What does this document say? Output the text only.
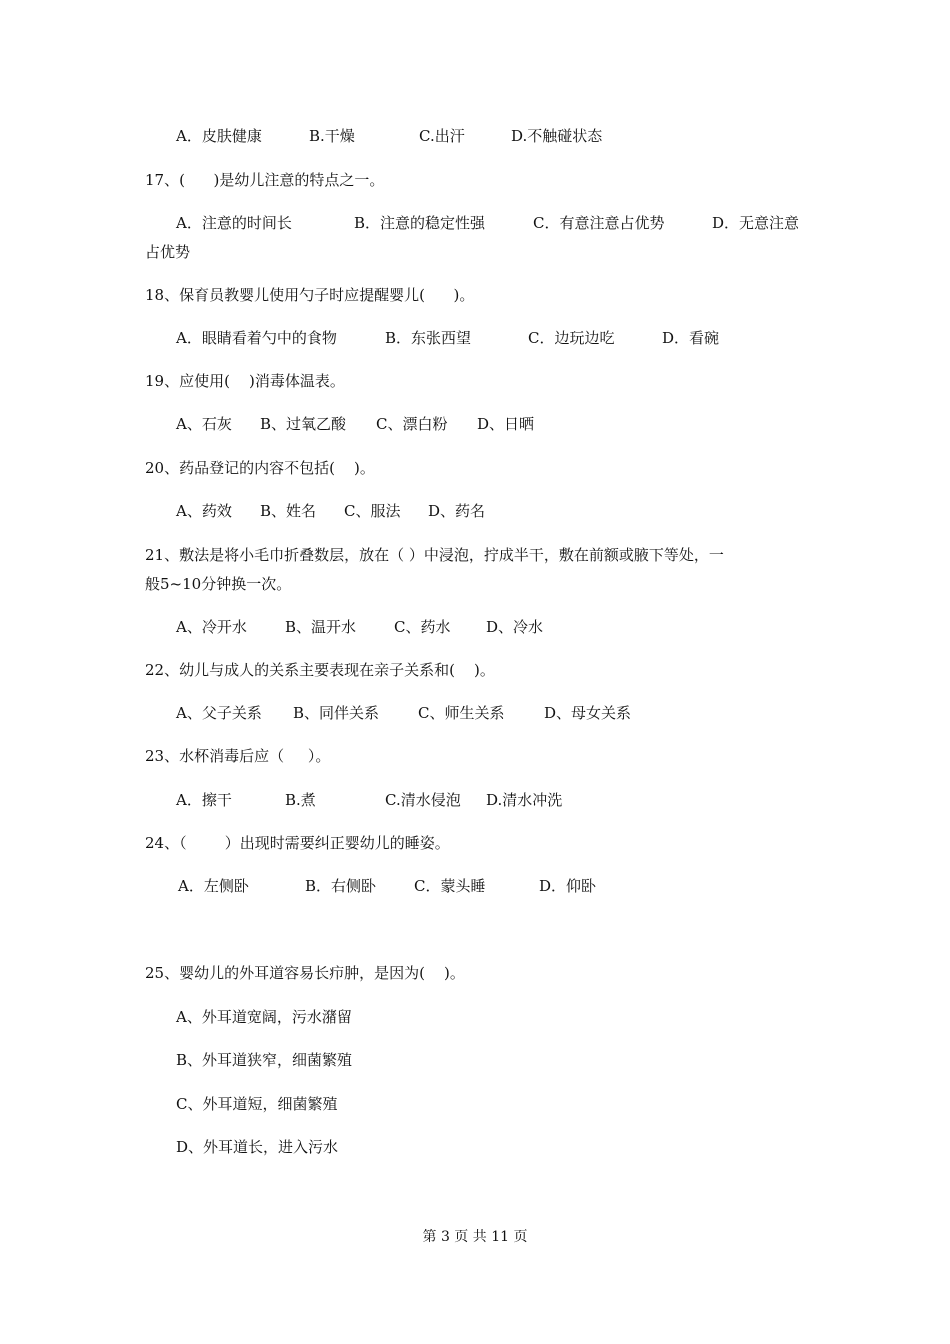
A．皮肤健康

	B.干燥

	C.出汗

	D.不触碰状态

17、(      )是幼儿注意的特点之一。

A．注意的时间长

	B．注意的稳定性强

	C．有意注意占优势

	D．无意注意

占优势
18、保育员教婴儿使用勺子时应提醒婴儿(      )。

A．眼睛看着勺中的食物

	B．东张西望

	C．边玩边吃

	D．看碗

19、应使用(    )消毒体温表。

A、石灰

B、过氧乙酸

C、漂白粉

D、日晒

20、药品登记的内容不包括(    )。

A、药效

B、姓名

C、服法

D、药名

21、敷法是将小毛巾折叠数层，放在（ ）中浸泡，拧成半干，敷在前额或腋下等处，一
般5~10分钟换一次。

A、冷开水

	B、温开水

	C、药水

D、冷水

22、幼儿与成人的关系主要表现在亲子关系和(    )。

A、父子关系

B、同伴关系

	C、师生关系

	D、母女关系

23、水杯消毒后应（     ）。

A．擦干

	B.煮

	C.清水侵泡

D.清水冲洗

24、（        ）出现时需要纠正婴幼儿的睡姿。

A．左侧卧

	B．右侧卧

	C．蒙头睡

	D．仰卧

25、婴幼儿的外耳道容易长疖肿，是因为(    )。
A、外耳道宽阔，污水潴留
B、外耳道狭窄，细菌繁殖
C、外耳道短，细菌繁殖
D、外耳道长，进入污水
第 3 页 共 11 页
